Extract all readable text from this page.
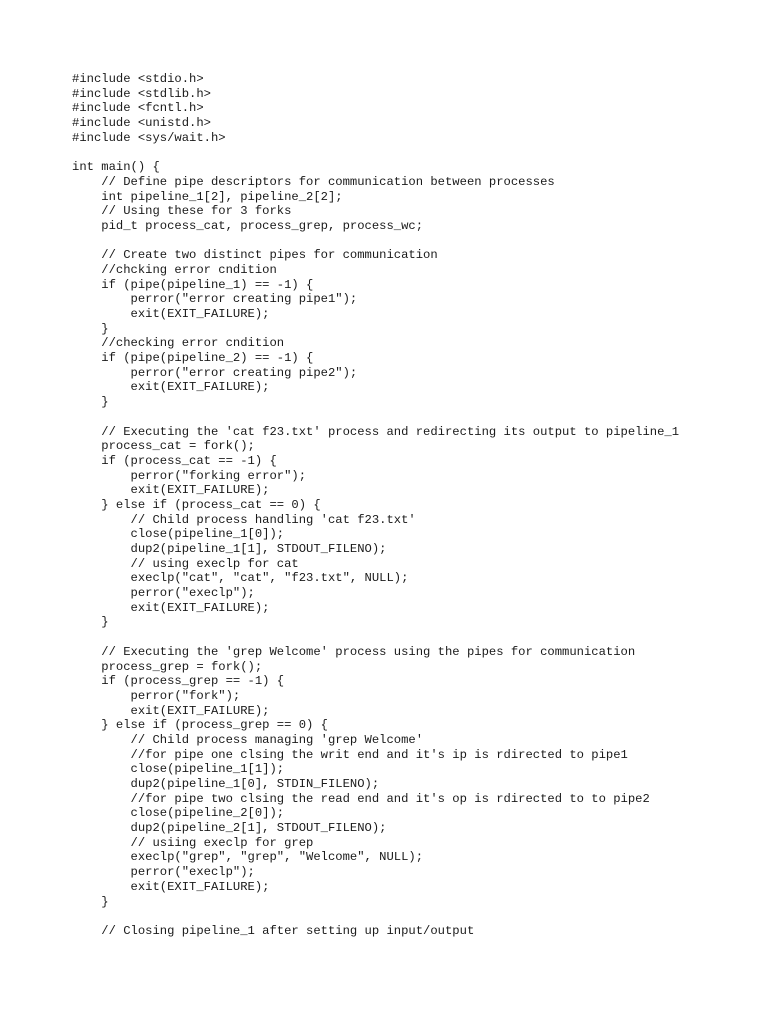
#include <stdio.h>
#include <stdlib.h>
#include <fcntl.h>
#include <unistd.h>
#include <sys/wait.h>
int main() {
// Define pipe descriptors for communication between processes
int pipeline_1[2], pipeline_2[2];
// Using these for 3 forks
pid_t process_cat, process_grep, process_wc;
// Create two distinct pipes for communication
//chcking error cndition
if (pipe(pipeline_1) == -1) {
perror("error creating pipe1");
exit(EXIT_FAILURE);
}
//checking error cndition
if (pipe(pipeline_2) == -1) {
perror("error creating pipe2");
exit(EXIT_FAILURE);
}
// Executing the 'cat f23.txt' process and redirecting its output to pipeline_1
process_cat = fork();
if (process_cat == -1) {
perror("forking error");
exit(EXIT_FAILURE);
} else if (process_cat == 0) {
// Child process handling 'cat f23.txt'
close(pipeline_1[0]);
dup2(pipeline_1[1], STDOUT_FILENO);
// using execlp for cat
execlp("cat", "cat", "f23.txt", NULL);
perror("execlp");
exit(EXIT_FAILURE);
}
// Executing the 'grep Welcome' process using the pipes for communication
process_grep = fork();
if (process_grep == -1) {
perror("fork");
exit(EXIT_FAILURE);
} else if (process_grep == 0) {
// Child process managing 'grep Welcome'
//for pipe one clsing the writ end and it's ip is rdirected to pipe1
close(pipeline_1[1]);
dup2(pipeline_1[0], STDIN_FILENO);
//for pipe two clsing the read end and it's op is rdirected to to pipe2
close(pipeline_2[0]);
dup2(pipeline_2[1], STDOUT_FILENO);
// usiing execlp for grep
execlp("grep", "grep", "Welcome", NULL);
perror("execlp");
exit(EXIT_FAILURE);
}
// Closing pipeline_1 after setting up input/output
